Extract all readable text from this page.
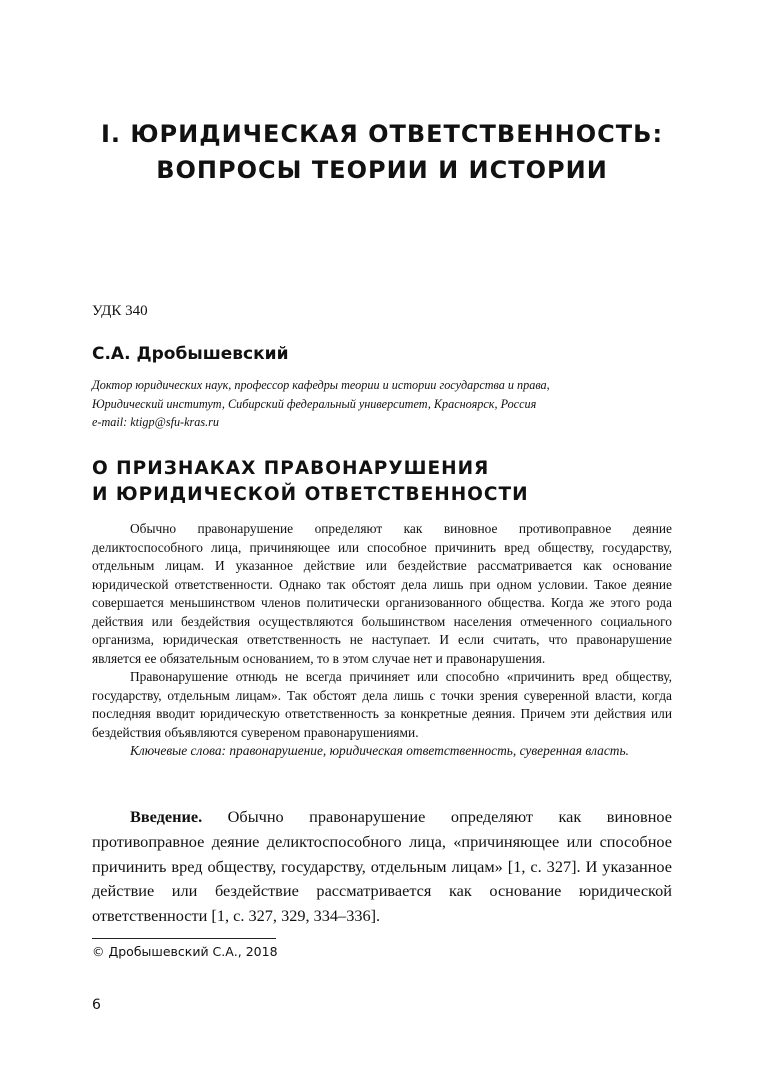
I. ЮРИДИЧЕСКАЯ ОТВЕТСТВЕННОСТЬ:
ВОПРОСЫ ТЕОРИИ И ИСТОРИИ

УДК 340

С.А. Дробышевский

Доктор юридических наук, профессор кафедры теории и истории государства и права,
Юридический институт, Сибирский федеральный университет, Красноярск, Россия
e-mail: ktigp@sfu-kras.ru
О ПРИЗНАКАХ ПРАВОНАРУШЕНИЯ
И ЮРИДИЧЕСКОЙ ОТВЕТСТВЕННОСТИ

Обычно правонарушение определяют как виновное противоправное деяние деликтоспособного лица, причиняющее или способное причинить вред обществу, государству, отдельным лицам. И указанное действие или бездействие рассматривается как основание юридической ответственности. Однако так обстоят дела лишь при одном условии. Такое деяние совершается меньшинством членов политически организованного общества. Когда же этого рода действия или бездействия осуществляются большинством населения отмеченного социального организма, юридическая ответственность не наступает. И если считать, что правонарушение является ее обязательным основанием, то в этом случае нет и правонарушения.

Правонарушение отнюдь не всегда причиняет или способно «причинить вред обществу, государству, отдельным лицам». Так обстоят дела лишь с точки зрения суверенной власти, когда последняя вводит юридическую ответственность за конкретные деяния. Причем эти действия или бездействия объявляются сувереном правонарушениями.

Ключевые слова: правонарушение, юридическая ответственность, суверенная власть.

Введение. Обычно правонарушение определяют как виновное противоправное деяние деликтоспособного лица, «причиняющее или способное причинить вред обществу, государству, отдельным лицам» [1, с. 327]. И указанное действие или бездействие рассматривается как основание юридической ответственности [1, с. 327, 329, 334–336].

© Дробышевский С.А., 2018

6
